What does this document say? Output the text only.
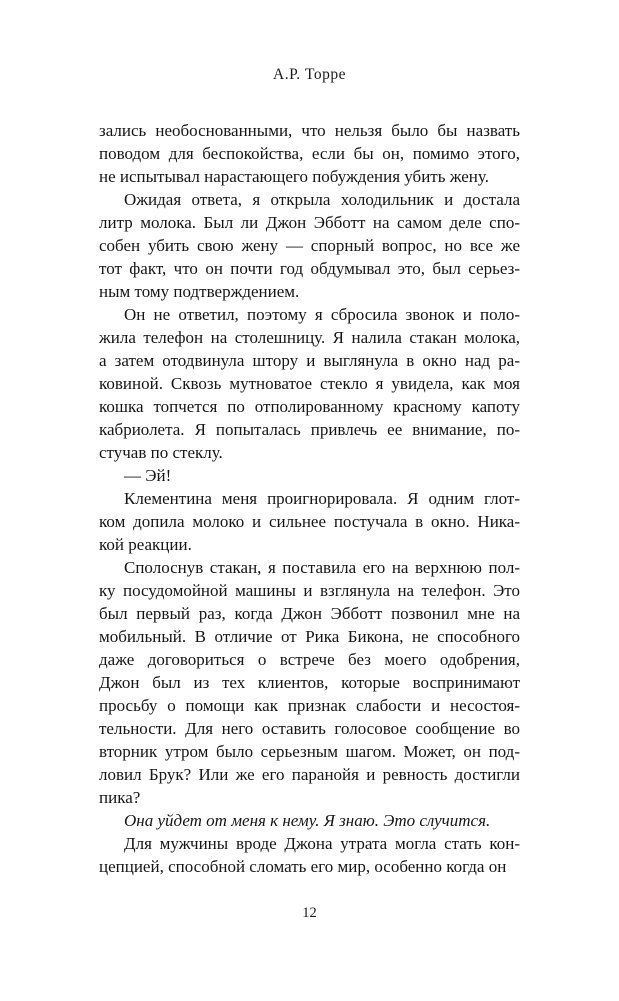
А.Р. Торре
зались необоснованными, что нельзя было бы назвать
поводом для беспокойства, если бы он, помимо этого,
не испытывал нарастающего побуждения убить жену.
Ожидая ответа, я открыла холодильник и достала
литр молока. Был ли Джон Эбботт на самом деле спо-
собен убить свою жену — спорный вопрос, но все же
тот факт, что он почти год обдумывал это, был серьез-
ным тому подтверждением.
Он не ответил, поэтому я сбросила звонок и поло-
жила телефон на столешницу. Я налила стакан молока,
а затем отодвинула штору и выглянула в окно над ра-
ковиной. Сквозь мутноватое стекло я увидела, как моя
кошка топчется по отполированному красному капоту
кабриолета. Я попыталась привлечь ее внимание, по-
стучав по стеклу.
— Эй!
Клементина меня проигнорировала. Я одним глот-
ком допила молоко и сильнее постучала в окно. Ника-
кой реакции.
Сполоснув стакан, я поставила его на верхнюю пол-
ку посудомойной машины и взглянула на телефон. Это
был первый раз, когда Джон Эбботт позвонил мне на
мобильный. В отличие от Рика Бикона, не способного
даже договориться о встрече без моего одобрения,
Джон был из тех клиентов, которые воспринимают
просьбу о помощи как признак слабости и несостоя-
тельности. Для него оставить голосовое сообщение во
вторник утром было серьезным шагом. Может, он под-
ловил Брук? Или же его паранойя и ревность достигли
пика?
Она уйдет от меня к нему. Я знаю. Это случится.
Для мужчины вроде Джона утрата могла стать кон-
цепцией, способной сломать его мир, особенно когда он
12
